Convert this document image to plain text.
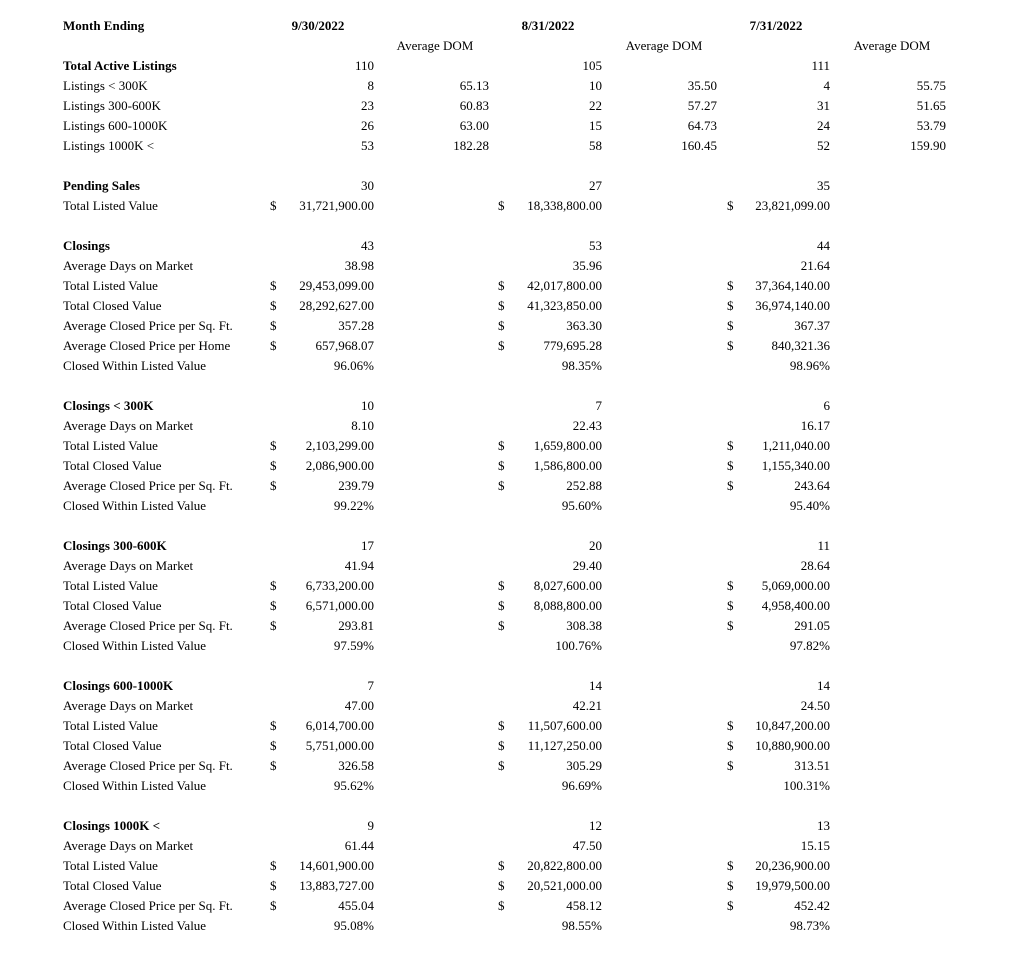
Month Ending	9/30/2022	8/31/2022	7/31/2022
Average DOM	Average DOM	Average DOM
Total Active Listings	110	105	111
Listings < 300K	8	65.13	10	35.50	4	55.75
Listings 300-600K	23	60.83	22	57.27	31	51.65
Listings 600-1000K	26	63.00	15	64.73	24	53.79
Listings 1000K <	53	182.28	58	160.45	52	159.90
Pending Sales	30	27	35
Total Listed Value	$	31,721,900.00	$	18,338,800.00	$	23,821,099.00
Closings	43	53	44
Average Days on Market	38.98	35.96	21.64
Total Listed Value	$	29,453,099.00	$	42,017,800.00	$	37,364,140.00
Total Closed Value	$	28,292,627.00	$	41,323,850.00	$	36,974,140.00
Average Closed Price per Sq. Ft.	$	357.28	$	363.30	$	367.37
Average Closed Price per Home	$	657,968.07	$	779,695.28	$	840,321.36
Closed Within Listed Value	96.06%	98.35%	98.96%
Closings < 300K	10	7	6
Average Days on Market	8.10	22.43	16.17
Total Listed Value	$	2,103,299.00	$	1,659,800.00	$	1,211,040.00
Total Closed Value	$	2,086,900.00	$	1,586,800.00	$	1,155,340.00
Average Closed Price per Sq. Ft.	$	239.79	$	252.88	$	243.64
Closed Within Listed Value	99.22%	95.60%	95.40%
Closings 300-600K	17	20	11
Average Days on Market	41.94	29.40	28.64
Total Listed Value	$	6,733,200.00	$	8,027,600.00	$	5,069,000.00
Total Closed Value	$	6,571,000.00	$	8,088,800.00	$	4,958,400.00
Average Closed Price per Sq. Ft.	$	293.81	$	308.38	$	291.05
Closed Within Listed Value	97.59%	100.76%	97.82%
Closings 600-1000K	7	14	14
Average Days on Market	47.00	42.21	24.50
Total Listed Value	$	6,014,700.00	$	11,507,600.00	$	10,847,200.00
Total Closed Value	$	5,751,000.00	$	11,127,250.00	$	10,880,900.00
Average Closed Price per Sq. Ft.	$	326.58	$	305.29	$	313.51
Closed Within Listed Value	95.62%	96.69%	100.31%
Closings 1000K <	9	12	13
Average Days on Market	61.44	47.50	15.15
Total Listed Value	$	14,601,900.00	$	20,822,800.00	$	20,236,900.00
Total Closed Value	$	13,883,727.00	$	20,521,000.00	$	19,979,500.00
Average Closed Price per Sq. Ft.	$	455.04	$	458.12	$	452.42
Closed Within Listed Value	95.08%	98.55%	98.73%
